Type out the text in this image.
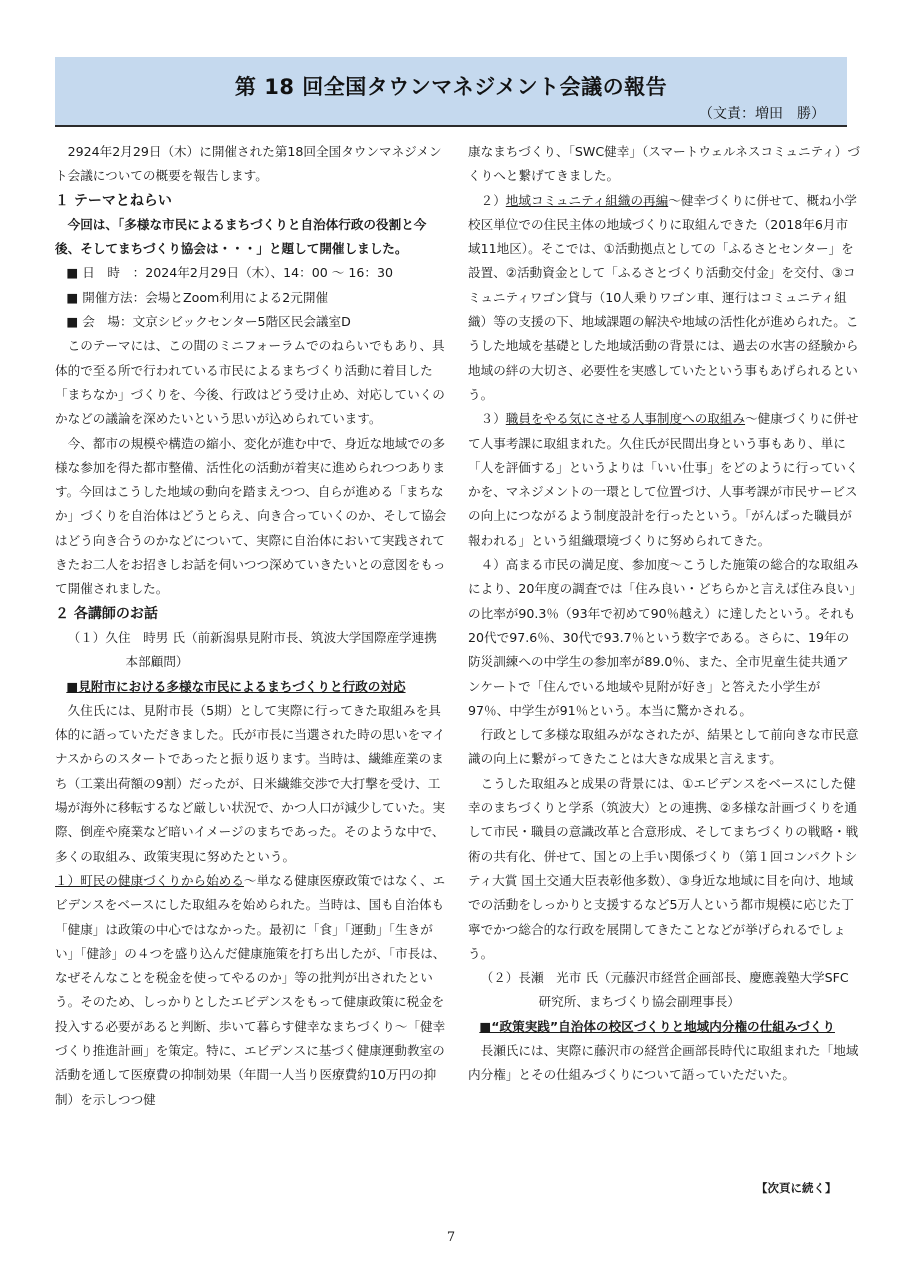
第 18 回全国タウンマネジメント会議の報告
（文責：増田　勝）

2924年2月29日（木）に開催された第18回全国タウンマネジメント会議についての概要を報告します。

１ テーマとねらい

今回は、「多様な市民によるまちづくりと自治体行政の役割と今後、そしてまちづくり協会は・・・」と題して開催しました。

■ 日　時　：2024年2月29日（木）、14：00 ～ 16：30

■ 開催方法：会場とZoom利用による2元開催

■ 会　場：文京シビックセンター5階区民会議室D

このテーマには、この間のミニフォーラムでのねらいでもあり、具体的で至る所で行われている市民によるまちづくり活動に着目した「まちなか」づくりを、今後、行政はどう受け止め、対応していくのかなどの議論を深めたいという思いが込められています。

今、都市の規模や構造の縮小、変化が進む中で、身近な地域での多様な参加を得た都市整備、活性化の活動が着実に進められつつあります。今回はこうした地域の動向を踏まえつつ、自らが進める「まちなか」づくりを自治体はどうとらえ、向き合っていくのか、そして協会はどう向き合うのかなどについて、実際に自治体において実践されてきたお二人をお招きしお話を伺いつつ深めていきたいとの意図をもって開催されました。

２ 各講師のお話

（１）久住　時男 氏（前新潟県見附市長、筑波大学国際産学連携本部顧問）

■見附市における多様な市民によるまちづくりと行政の対応

久住氏には、見附市長（5期）として実際に行ってきた取組みを具体的に語っていただきました。氏が市長に当選された時の思いをマイナスからのスタートであったと振り返ります。当時は、繊維産業のまち（工業出荷額の9割）だったが、日米繊維交渉で大打撃を受け、工場が海外に移転するなど厳しい状況で、かつ人口が減少していた。実際、倒産や廃業など暗いイメージのまちであった。そのような中で、多くの取組み、政策実現に努めたという。

１）町民の健康づくりから始める～単なる健康医療政策ではなく、エビデンスをベースにした取組みを始められた。当時は、国も自治体も「健康」は政策の中心ではなかった。最初に「食」「運動」「生きがい」「健診」の４つを盛り込んだ健康施策を打ち出したが、「市長は、なぜそんなことを税金を使ってやるのか」等の批判が出されたという。そのため、しっかりとしたエビデンスをもって健康政策に税金を投入する必要があると判断、歩いて暮らす健幸なまちづくり～「健幸づくり推進計画」を策定。特に、エビデンスに基づく健康運動教室の活動を通して医療費の抑制効果（年間一人当り医療費約10万円の抑制）を示しつつ健

康なまちづくり、「SWC健幸」（スマートウェルネスコミュニティ）づくりへと繋げてきました。

２）地域コミュニティ組織の再編～健幸づくりに併せて、概ね小学校区単位での住民主体の地域づくりに取組んできた（2018年6月市域11地区）。そこでは、①活動拠点としての「ふるさとセンター」を設置、②活動資金として「ふるさとづくり活動交付金」を交付、③コミュニティワゴン貸与（10人乗りワゴン車、運行はコミュニティ組織）等の支援の下、地域課題の解決や地域の活性化が進められた。こうした地域を基礎とした地域活動の背景には、過去の水害の経験から地域の絆の大切さ、必要性を実感していたという事もあげられるという。

３）職員をやる気にさせる人事制度への取組み～健康づくりに併せて人事考課に取組まれた。久住氏が民間出身という事もあり、単に「人を評価する」というよりは「いい仕事」をどのように行っていくかを、マネジメントの一環として位置づけ、人事考課が市民サービスの向上につながるよう制度設計を行ったという。「がんばった職員が報われる」という組織環境づくりに努められてきた。

４）高まる市民の満足度、参加度～こうした施策の総合的な取組みにより、20年度の調査では「住み良い・どちらかと言えば住み良い」の比率が90.3％（93年で初めて90％越え）に達したという。それも20代で97.6％、30代で93.7％という数字である。さらに、19年の防災訓練への中学生の参加率が89.0％、また、全市児童生徒共通アンケートで「住んでいる地域や見附が好き」と答えた小学生が97％、中学生が91％という。本当に驚かされる。

行政として多様な取組みがなされたが、結果として前向きな市民意識の向上に繋がってきたことは大きな成果と言えます。

こうした取組みと成果の背景には、①エビデンスをベースにした健幸のまちづくりと学系（筑波大）との連携、②多様な計画づくりを通して市民・職員の意識改革と合意形成、そしてまちづくりの戦略・戦術の共有化、併せて、国との上手い関係づくり（第１回コンパクトシティ大賞 国土交通大臣表彰他多数）、③身近な地域に目を向け、地域での活動をしっかりと支援するなど5万人という都市規模に応じた丁寧でかつ総合的な行政を展開してきたことなどが挙げられるでしょう。

（２）長瀬　光市 氏（元藤沢市経営企画部長、慶應義塾大学SFC研究所、まちづくり協会副理事長）

■“政策実践”自治体の校区づくりと地域内分権の仕組みづくり

長瀬氏には、実際に藤沢市の経営企画部長時代に取組まれた「地域内分権」とその仕組みづくりについて語っていただいた。

【次頁に続く】
7
